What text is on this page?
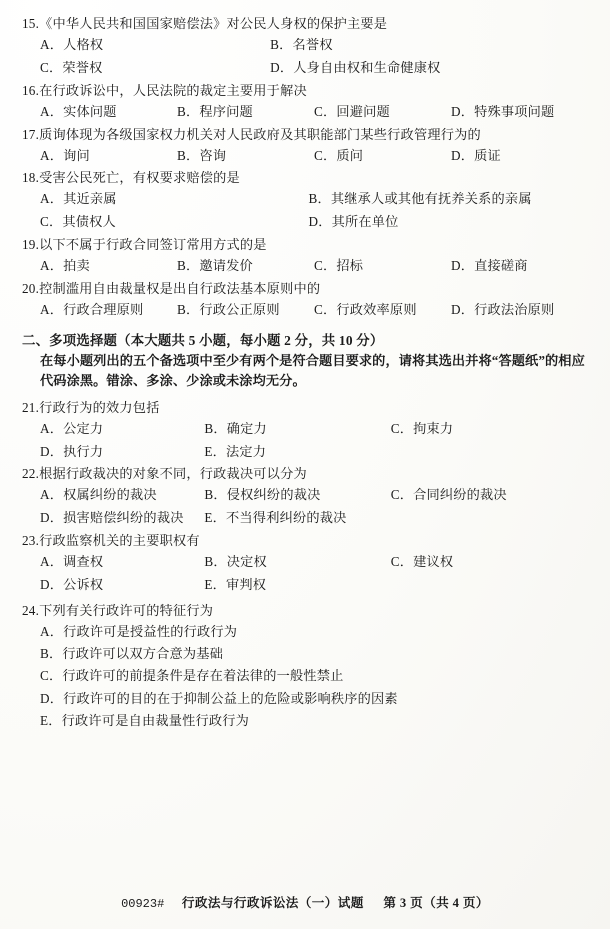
15.《中华人民共和国国家赔偿法》对公民人身权的保护主要是
A．人格权	B．名誉权
C．荣誉权	D．人身自由权和生命健康权
16.在行政诉讼中，人民法院的裁定主要用于解决
A．实体问题	B．程序问题	C．回避问题	D．特殊事项问题
17.质询体现为各级国家权力机关对人民政府及其职能部门某些行政管理行为的
A．询问	B．咨询	C．质问	D．质证
18.受害公民死亡，有权要求赔偿的是
A．其近亲属	B．其继承人或其他有抚养关系的亲属
C．其债权人	D．其所在单位
19.以下不属于行政合同签订常用方式的是
A．拍卖	B．邀请发价	C．招标	D．直接磋商
20.控制滥用自由裁量权是出自行政法基本原则中的
A．行政合理原则	B．行政公正原则	C．行政效率原则	D．行政法治原则
二、多项选择题（本大题共 5 小题，每小题 2 分，共 10 分）
在每小题列出的五个备选项中至少有两个是符合题目要求的，请将其选出并将“答题纸”的相应代码涂黑。错涂、多涂、少涂或未涂均无分。
21.行政行为的效力包括
A．公定力	B．确定力	C．拘束力
D．执行力	E．法定力
22.根据行政裁决的对象不同，行政裁决可以分为
A．权属纠纷的裁决	B．侵权纠纷的裁决	C．合同纠纷的裁决
D．损害赔偿纠纷的裁决	E．不当得利纠纷的裁决
23.行政监察机关的主要职权有
A．调查权	B．决定权	C．建议权
D．公诉权	E．审判权
24.下列有关行政许可的特征行为
A．行政许可是授益性的行政行为
B．行政许可以双方合意为基础
C．行政许可的前提条件是存在着法律的一般性禁止
D．行政许可的目的在于抑制公益上的危险或影响秩序的因素
E．行政许可是自由裁量性行政行为
00923# 行政法与行政诉讼法（一）试题 第 3 页（共 4 页）
